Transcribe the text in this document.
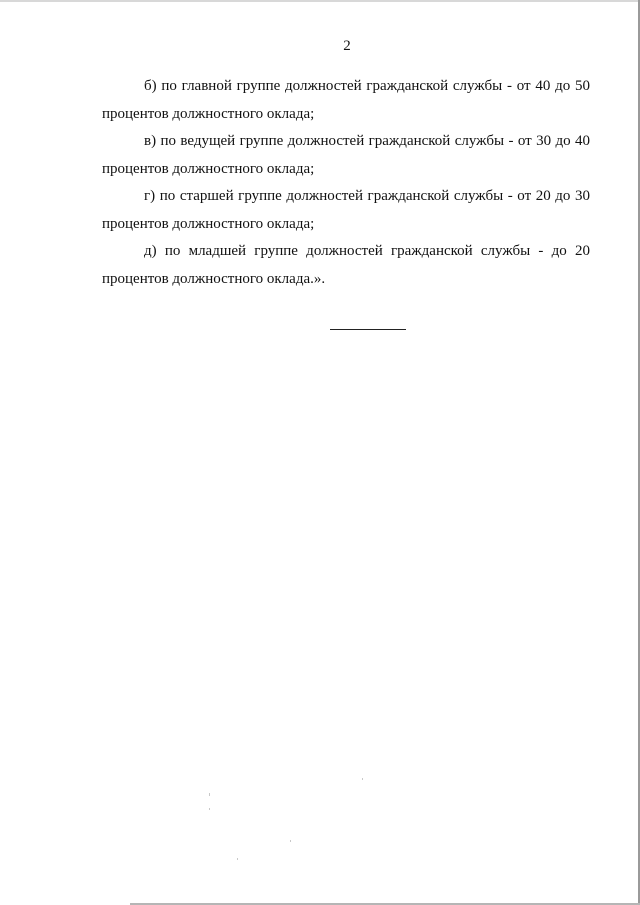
2

б) по главной группе должностей гражданской службы - от 40 до 50
процентов должностного оклада;

в) по ведущей группе должностей гражданской службы - от 30 до 40
процентов должностного оклада;

г) по старшей группе должностей гражданской службы - от 20 до 30
процентов должностного оклада;

д) по младшей группе должностей гражданской службы - до 20
процентов должностного оклада.».
